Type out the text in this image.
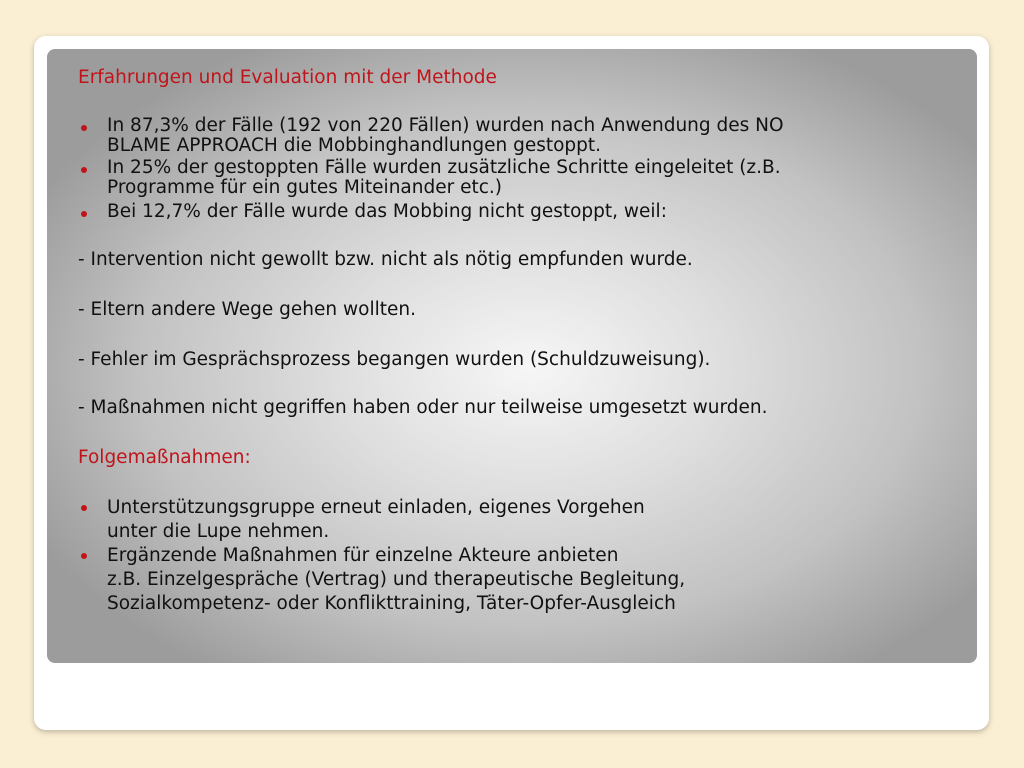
Erfahrungen und Evaluation mit der Methode

In 87,3% der Fälle (192 von 220 Fällen) wurden nach Anwendung des NO
BLAME APPROACH die Mobbinghandlungen gestoppt.
In 25% der gestoppten Fälle wurden zusätzliche Schritte eingeleitet (z.B.
Programme für ein gutes Miteinander etc.)
Bei 12,7% der Fälle wurde das Mobbing nicht gestoppt, weil:

- Intervention nicht gewollt bzw. nicht als nötig empfunden wurde.

- Eltern andere Wege gehen wollten.

- Fehler im Gesprächsprozess begangen wurden (Schuldzuweisung).

- Maßnahmen nicht gegriffen haben oder nur teilweise umgesetzt wurden.

Folgemaßnahmen:

Unterstützungsgruppe erneut einladen, eigenes Vorgehen
unter die Lupe nehmen.
Ergänzende Maßnahmen für einzelne Akteure anbieten
z.B. Einzelgespräche (Vertrag) und therapeutische Begleitung,
Sozialkompetenz- oder Konflikttraining, Täter-Opfer-Ausgleich
